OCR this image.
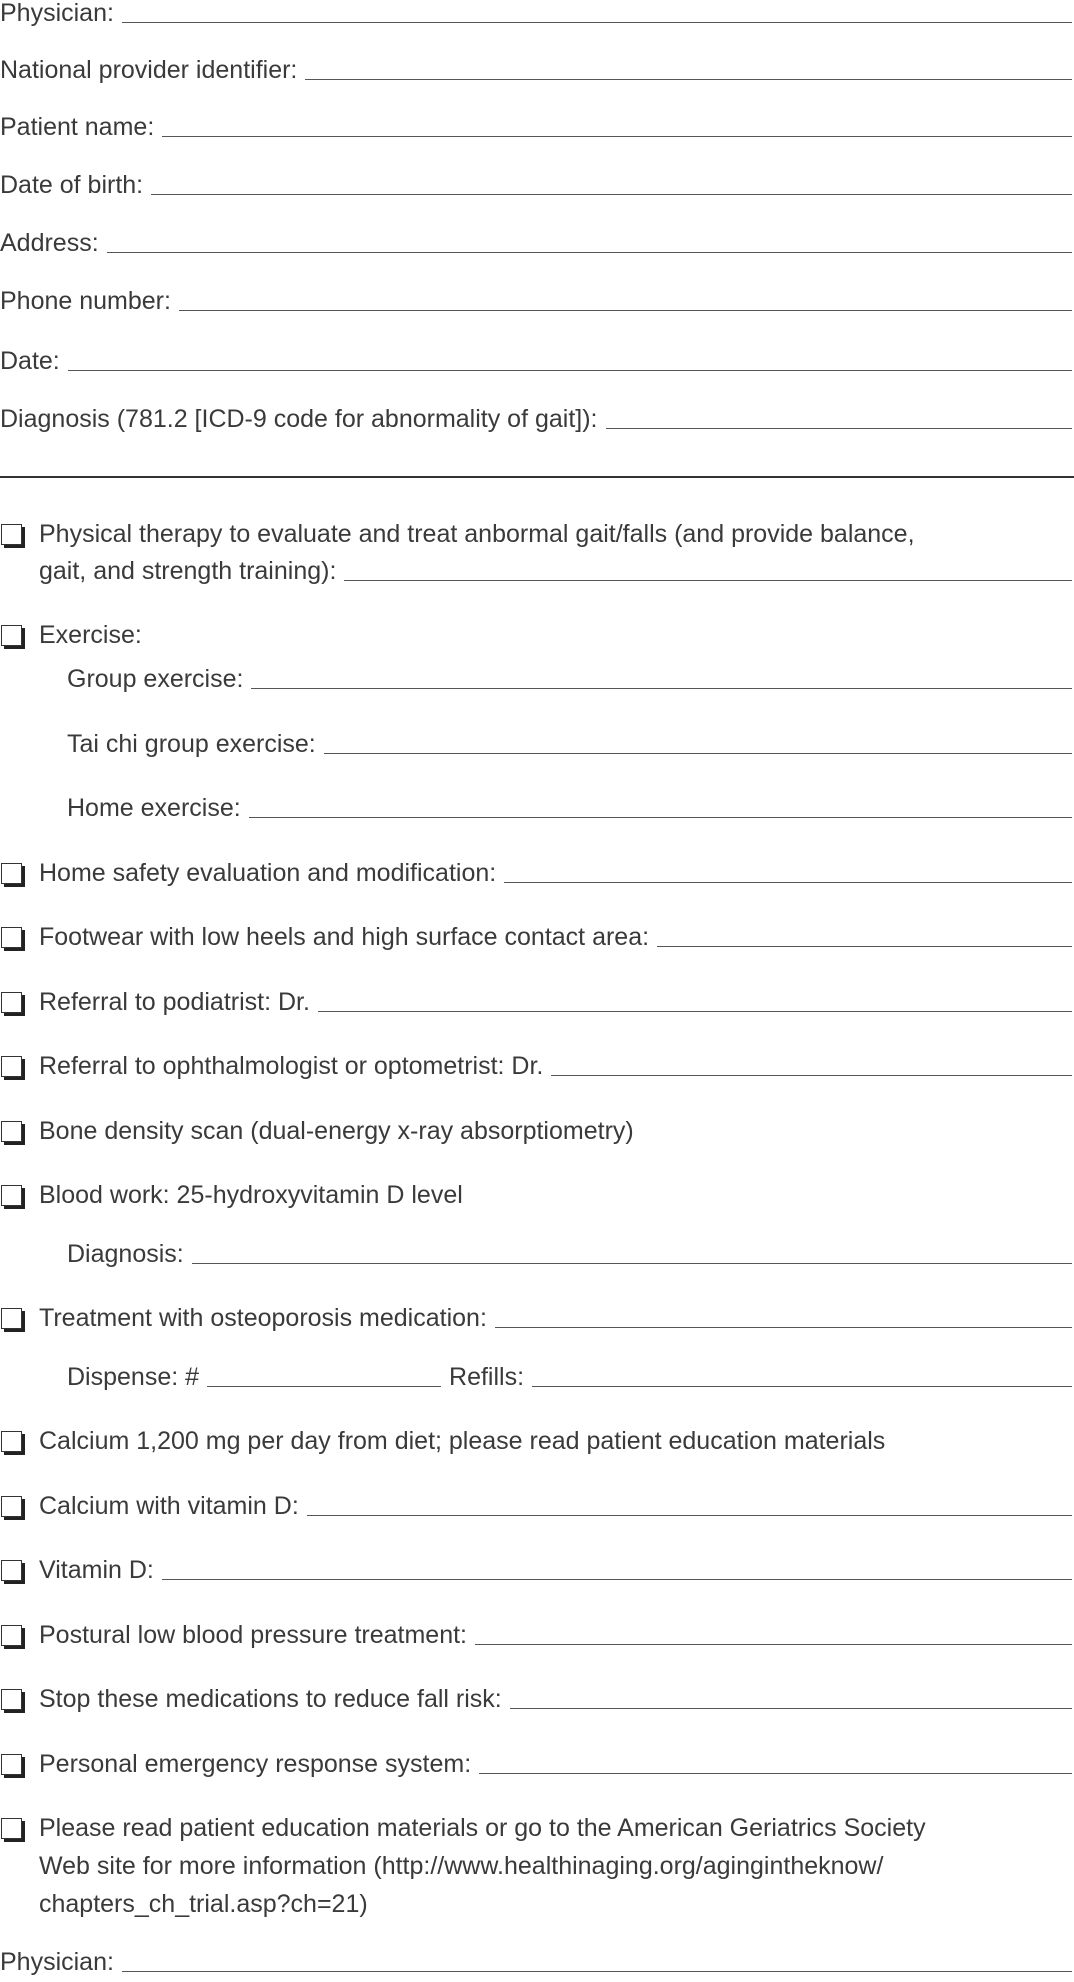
Physician:
National provider identifier:
Patient name:
Date of birth:
Address:
Phone number:
Date:
Diagnosis (781.2 [ICD-9 code for abnormality of gait]):
Physical therapy to evaluate and treat anbormal gait/falls (and provide balance,
gait, and strength training):
Exercise:
Group exercise:
Tai chi group exercise:
Home exercise:
Home safety evaluation and modification:
Footwear with low heels and high surface contact area:
Referral to podiatrist: Dr.
Referral to ophthalmologist or optometrist: Dr.
Bone density scan (dual-energy x-ray absorptiometry)
Blood work: 25-hydroxyvitamin D level
Diagnosis:
Treatment with osteoporosis medication:
Dispense: #	Refills:
Calcium 1,200 mg per day from diet; please read patient education materials
Calcium with vitamin D:
Vitamin D:
Postural low blood pressure treatment:
Stop these medications to reduce fall risk:
Personal emergency response system:
Please read patient education materials or go to the American Geriatrics Society
Web site for more information (http://www.healthinaging.org/agingintheknow/
chapters_ch_trial.asp?ch=21)
Physician:
